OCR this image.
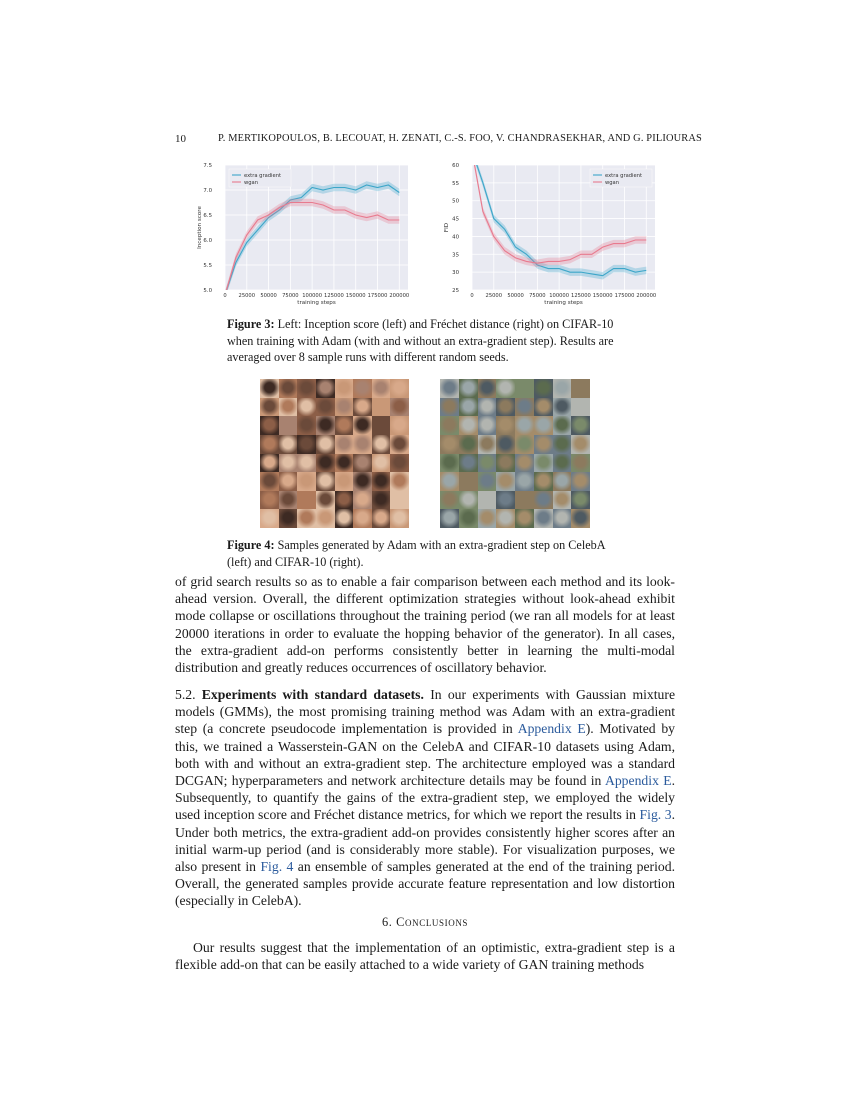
10	P. MERTIKOPOULOS, B. LECOUAT, H. ZENATI, C.-S. FOO, V. CHANDRASEKHAR, AND G. PILIOURAS
0 25000 50000 75000 100000 125000 150000 175000 200000
5.0
5.5
6.0
6.5
7.0
7.5
training steps
Inception score
extra gradient
wgan
0 25000 50000 75000 100000 125000 150000 175000 200000
25
30
35
40
45
50
55
60
training steps
FID
extra gradient
wgan
Figure 3: Left: Inception score (left) and Fréchet distance (right) on CIFAR-10 when training with Adam (with and without an extra-gradient step). Results are averaged over 8 sample runs with different random seeds.
Figure 4: Samples generated by Adam with an extra-gradient step on CelebA (left) and CIFAR-10 (right).

of grid search results so as to enable a fair comparison between each method and its look-ahead version. Overall, the different optimization strategies without look-ahead exhibit mode collapse or oscillations throughout the training period (we ran all models for at least 20000 iterations in order to evaluate the hopping behavior of the generator). In all cases, the extra-gradient add-on performs consistently better in learning the multi-modal distribution and greatly reduces occurrences of oscillatory behavior.

5.2. Experiments with standard datasets. In our experiments with Gaussian mixture models (GMMs), the most promising training method was Adam with an extra-gradient step (a concrete pseudocode implementation is provided in Appendix E). Motivated by this, we trained a Wasserstein-GAN on the CelebA and CIFAR-10 datasets using Adam, both with and without an extra-gradient step. The architecture employed was a standard DCGAN; hyperparameters and network architecture details may be found in Appendix E. Subsequently, to quantify the gains of the extra-gradient step, we employed the widely used inception score and Fréchet distance metrics, for which we report the results in Fig. 3. Under both metrics, the extra-gradient add-on provides consistently higher scores after an initial warm-up period (and is considerably more stable). For visualization purposes, we also present in Fig. 4 an ensemble of samples generated at the end of the training period. Overall, the generated samples provide accurate feature representation and low distortion (especially in CelebA).

6. Conclusions

Our results suggest that the implementation of an optimistic, extra-gradient step is a flexible add-on that can be easily attached to a wide variety of GAN training methods
